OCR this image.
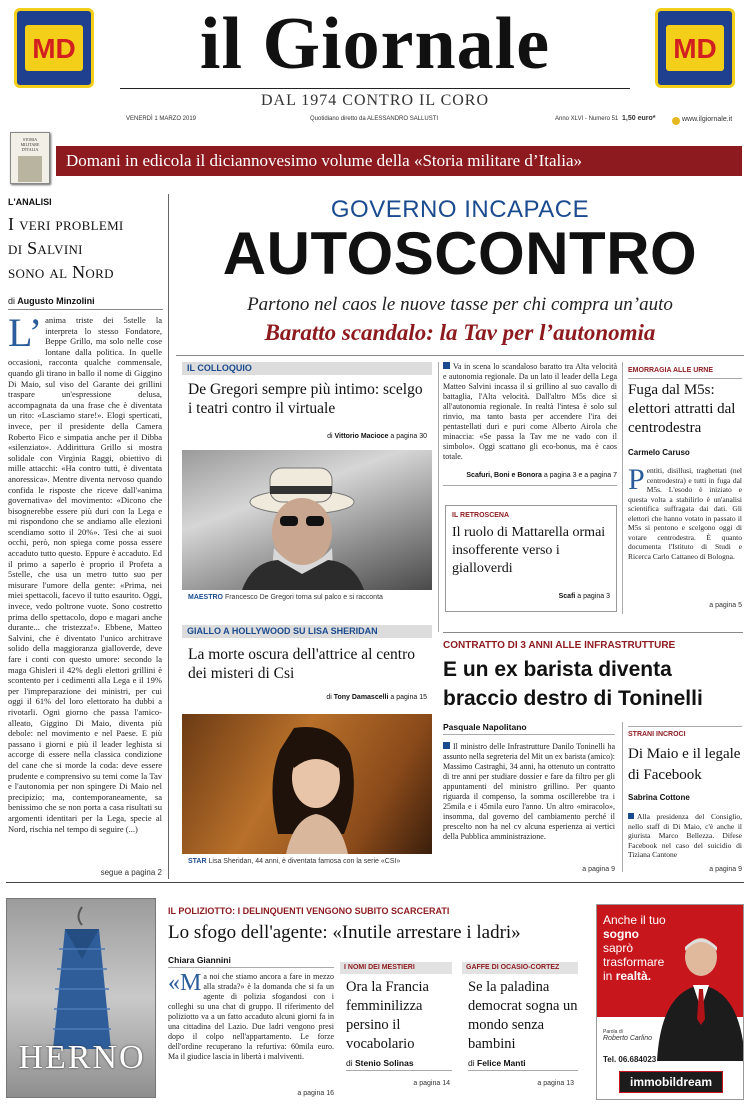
MD	MD
il Giornale
DAL 1974 CONTRO IL CORO
VENERDÌ 1 MARZO 2019	Quotidiano diretto da ALESSANDRO SALLUSTI	Anno XLVI - Numero 51 1,50 euro*	www.ilgiornale.it
STORIA MILITARE D'ITALIA
Domani in edicola il diciannovesimo volume della «Storia militare d’Italia»
L'ANALISI
I veri problemi
di Salvini
sono al Nord
di Augusto Minzolini
L’ anima triste dei 5stelle la interpreta lo stesso Fondatore, Beppe Grillo, ma solo nelle cose lontane dalla politica. In quelle occasioni, racconta qualche commensale, quando gli tirano in ballo il nome di Giggino Di Maio, sul viso del Garante dei grillini traspare un'espressione delusa, accompagnata da una frase che è diventata un rito: «Lasciamo stare!». Elogi sperticati, invece, per il presidente della Camera Roberto Fico e simpatia anche per il Dibba «silenziato». Addirittura Grillo si mostra solidale con Virginia Raggi, obiettivo di mille attacchi: «Ha contro tutti, è diventata anoressica». Mentre diventa nervoso quando confida le risposte che riceve dall'«anima governativa» del movimento: «Dicono che bisognerebbe essere più duri con la Lega e mi rispondono che se andiamo alle elezioni scendiamo sotto il 20%». Tesi che ai suoi occhi, però, non spiega come possa essere accaduto tutto questo. Eppure è accaduto. Ed il primo a saperlo è proprio il Profeta a 5stelle, che usa un metro tutto suo per misurare l'umore della gente: «Prima, nei miei spettacoli, facevo il tutto esaurito. Oggi, invece, vedo poltrone vuote. Sono costretto prima dello spettacolo, dopo e magari anche durante... che tristezza!». Ebbene, Matteo Salvini, che è diventato l'unico architrave solido della maggioranza gialloverde, deve fare i conti con questo umore: secondo la maga Ghisleri il 42% degli elettori grillini è scontento per i cedimenti alla Lega e il 19% per l'impreparazione dei ministri, per cui oggi il 61% del loro elettorato ha dubbi a rivotarli. Ogni giorno che passa l'amico-alleato, Giggino Di Maio, diventa più debole: nel movimento e nel Paese. E più passano i giorni e più il leader leghista si accorge di essere nella classica condizione del cane che si morde la coda: deve essere prudente e comprensivo su temi come la Tav e l'autonomia per non spingere Di Maio nel precipizio; ma, contemporaneamente, sa benissimo che se non porta a casa risultati su argomenti identitari per la Lega, specie al Nord, rischia nel tempo di seguire (...)
segue a pagina 2
GOVERNO INCAPACE
AUTOSCONTRO
Partono nel caos le nuove tasse per chi compra un’auto
Baratto scandalo: la Tav per l’autonomia
IL COLLOQUIO
De Gregori sempre più intimo: scelgo i teatri contro il virtuale
di Vittorio Macioce a pagina 30
MAESTRO Francesco De Gregori torna sul palco e si racconta
GIALLO A HOLLYWOOD SU LISA SHERIDAN
La morte oscura dell'attrice al centro dei misteri di Csi
di Tony Damascelli a pagina 15
STAR Lisa Sheridan, 44 anni, è diventata famosa con la serie «CSI»
Va in scena lo scandaloso baratto tra Alta velocità e autonomia regionale. Da un lato il leader della Lega Matteo Salvini incassa il sì grillino al suo cavallo di battaglia, l'Alta velocità. Dall'altro M5s dice sì all'autonomia regionale. In realtà l'intesa è solo sul rinvio, ma tanto basta per accendere l'ira dei pentastellati duri e puri come Alberto Airola che minaccia: «Se passa la Tav me ne vado con il simbolo». Oggi scattano gli eco-bonus, ma è caos totale.
Scafuri, Boni e Bonora a pagina 3 e a pagina 7
IL RETROSCENA
Il ruolo di Mattarella ormai insofferente verso i gialloverdi
Scafi a pagina 3
EMORRAGIA ALLE URNE
Fuga dal M5s: elettori attratti dal centrodestra
Carmelo Caruso
P entiti, disillusi, traghettati (nel centrodestra) e tutti in fuga dal M5s. L'esodo è iniziato e questa volta a stabilirlo è un'analisi scientifica suffragata dai dati. Gli elettori che hanno votato in passato il M5s si pentono e scelgono oggi di votare centrodestra. È quanto documenta l'Istituto di Studi e Ricerca Carlo Cattaneo di Bologna.
a pagina 5
CONTRATTO DI 3 ANNI ALLE INFRASTRUTTURE
E un ex barista diventa braccio destro di Toninelli
Pasquale Napolitano
Il ministro delle Infrastrutture Danilo Toninelli ha assunto nella segreteria del Mit un ex barista (amico): Massimo Castraghi, 34 anni, ha ottenuto un contratto di tre anni per studiare dossier e fare da filtro per gli appuntamenti del ministro grillino. Per quanto riguarda il compenso, la somma oscillerebbe tra i 25mila e i 45mila euro l'anno. Un altro «miracolo», insomma, dal governo del cambiamento perché il prescelto non ha nel cv alcuna esperienza ai vertici della Pubblica amministrazione.
a pagina 9
STRANI INCROCI
Di Maio e il legale di Facebook
Sabrina Cottone
Alla presidenza del Consiglio, nello staff di Di Maio, c'è anche il giurista Marco Bellezza. Difese Facebook nel caso del suicidio di Tiziana Cantone
a pagina 9
HERNO
IL POLIZIOTTO: I DELINQUENTI VENGONO SUBITO SCARCERATI
Lo sfogo dell'agente: «Inutile arrestare i ladri»
Chiara Giannini
«M a noi che stiamo ancora a fare in mezzo alla strada?» è la domanda che si fa un agente di polizia sfogandosi con i colleghi su una chat di gruppo. Il riferimento del poliziotto va a un fatto accaduto alcuni giorni fa in una cittadina del Lazio. Due ladri vengono presi dopo il colpo nell'appartamento. Le forze dell'ordine recuperano la refurtiva: 60mila euro. Ma il giudice lascia in libertà i malviventi.
a pagina 16
I NOMI DEI MESTIERI
Ora la Francia femminilizza persino il vocabolario
di Stenio Solinas
a pagina 14
GAFFE DI OCASIO-CORTEZ
Se la paladina democrat sogna un mondo senza bambini
di Felice Manti
a pagina 13
Anche il tuo sogno
saprò
trasformare
in realtà.
Parola di
Roberto Carlino
Tel. 06.684023
immobildream
